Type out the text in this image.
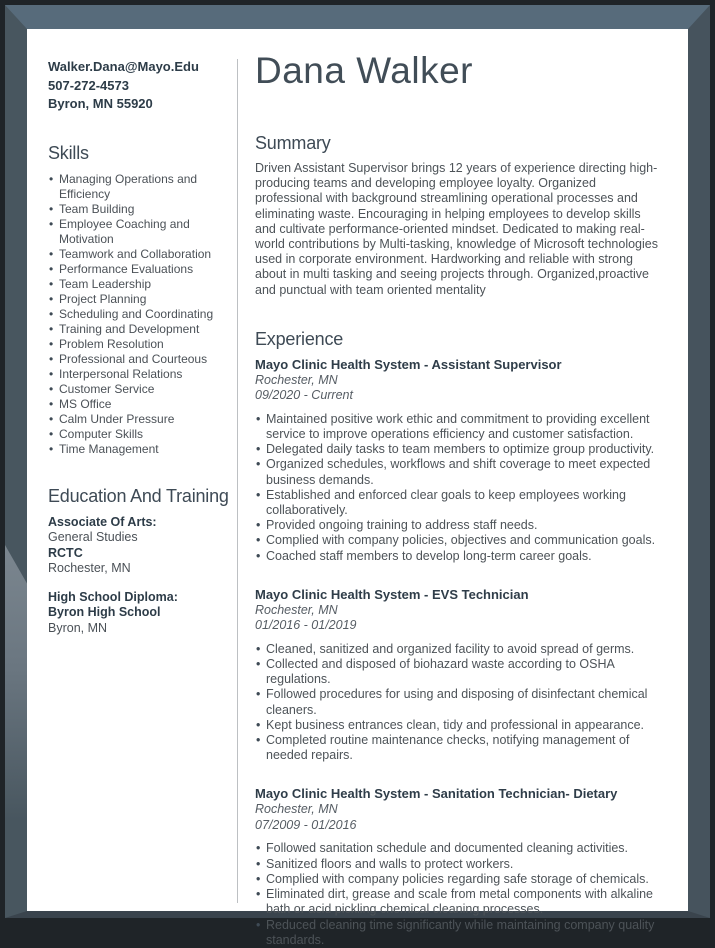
Walker.Dana@Mayo.Edu
507-272-4573
Byron, MN 55920
Skills
• Managing Operations and Efficiency
• Team Building
• Employee Coaching and Motivation
• Teamwork and Collaboration
• Performance Evaluations
• Team Leadership
• Project Planning
• Scheduling and Coordinating
• Training and Development
• Problem Resolution
• Professional and Courteous
• Interpersonal Relations
• Customer Service
• MS Office
• Calm Under Pressure
• Computer Skills
• Time Management
Education And Training
Associate Of Arts:
General Studies
RCTC
Rochester, MN
High School Diploma:
Byron High School
Byron, MN
Dana Walker
Summary

Driven Assistant Supervisor brings 12 years of experience directing high-producing teams and developing employee loyalty. Organized professional with background streamlining operational processes and eliminating waste. Encouraging in helping employees to develop skills and cultivate performance-oriented mindset. Dedicated to making real-world contributions by Multi-tasking, knowledge of Microsoft technologies used in corporate environment. Hardworking and reliable with strong about in multi tasking and seeing projects through. Organized,proactive and punctual with team oriented mentality

Experience
Mayo Clinic Health System - Assistant Supervisor
Rochester, MN
09/2020 - Current
• Maintained positive work ethic and commitment to providing excellent service to improve operations efficiency and customer satisfaction.
• Delegated daily tasks to team members to optimize group productivity.
• Organized schedules, workflows and shift coverage to meet expected business demands.
• Established and enforced clear goals to keep employees working collaboratively.
• Provided ongoing training to address staff needs.
• Complied with company policies, objectives and communication goals.
• Coached staff members to develop long-term career goals.
Mayo Clinic Health System - EVS Technician
Rochester, MN
01/2016 - 01/2019
• Cleaned, sanitized and organized facility to avoid spread of germs.
• Collected and disposed of biohazard waste according to OSHA regulations.
• Followed procedures for using and disposing of disinfectant chemical cleaners.
• Kept business entrances clean, tidy and professional in appearance.
• Completed routine maintenance checks, notifying management of needed repairs.
Mayo Clinic Health System - Sanitation Technician- Dietary
Rochester, MN
07/2009 - 01/2016
• Followed sanitation schedule and documented cleaning activities.
• Sanitized floors and walls to protect workers.
• Complied with company policies regarding safe storage of chemicals.
• Eliminated dirt, grease and scale from metal components with alkaline bath or acid pickling chemical cleaning processes.
• Reduced cleaning time significantly while maintaining company quality standards.
